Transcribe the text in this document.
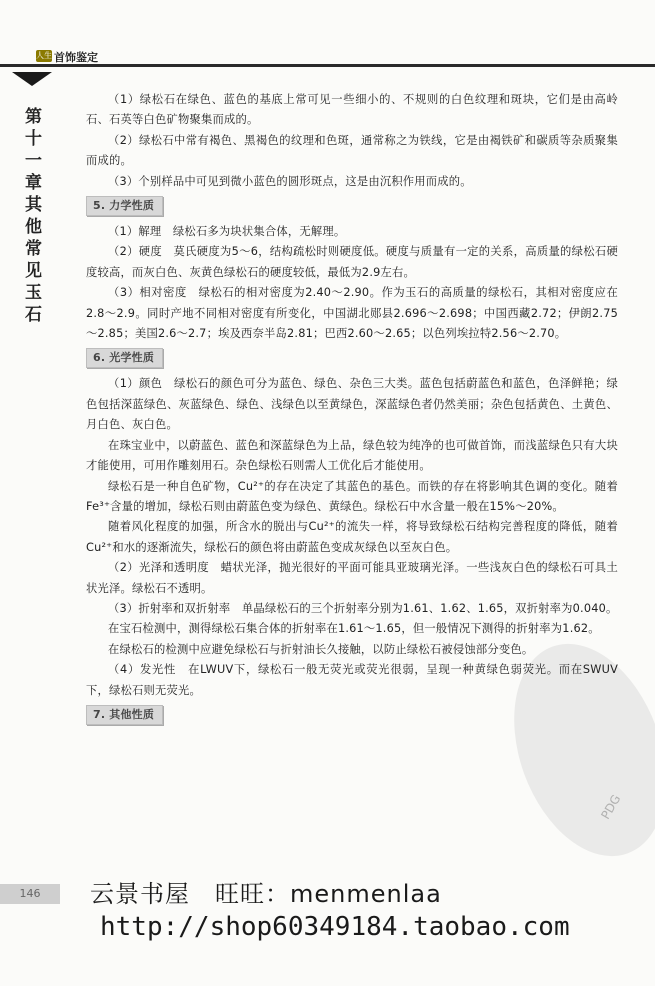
人生 首饰鉴定
第十一章 其他常见玉石
PDG

（1）绿松石在绿色、蓝色的基底上常可见一些细小的、不规则的白色纹理和斑块，它们是由高岭石、石英等白色矿物聚集而成的。

（2）绿松石中常有褐色、黑褐色的纹理和色斑，通常称之为铁线，它是由褐铁矿和碳质等杂质聚集而成的。

（3）个别样品中可见到微小蓝色的圆形斑点，这是由沉积作用而成的。

5. 力学性质

（1）解理　绿松石多为块状集合体，无解理。

（2）硬度　莫氏硬度为5～6，结构疏松时则硬度低。硬度与质量有一定的关系，高质量的绿松石硬度较高，而灰白色、灰黄色绿松石的硬度较低，最低为2.9左右。

（3）相对密度　绿松石的相对密度为2.40～2.90。作为玉石的高质量的绿松石，其相对密度应在2.8～2.9。同时产地不同相对密度有所变化，中国湖北郧县2.696～2.698；中国西藏2.72；伊朗2.75～2.85；美国2.6～2.7；埃及西奈半岛2.81；巴西2.60～2.65；以色列埃拉特2.56～2.70。

6. 光学性质

（1）颜色　绿松石的颜色可分为蓝色、绿色、杂色三大类。蓝色包括蔚蓝色和蓝色，色泽鲜艳；绿色包括深蓝绿色、灰蓝绿色、绿色、浅绿色以至黄绿色，深蓝绿色者仍然美丽；杂色包括黄色、土黄色、月白色、灰白色。

在珠宝业中，以蔚蓝色、蓝色和深蓝绿色为上品，绿色较为纯净的也可做首饰，而浅蓝绿色只有大块才能使用，可用作雕刻用石。杂色绿松石则需人工优化后才能使用。

绿松石是一种自色矿物，Cu²⁺的存在决定了其蓝色的基色。而铁的存在将影响其色调的变化。随着Fe³⁺含量的增加，绿松石则由蔚蓝色变为绿色、黄绿色。绿松石中水含量一般在15%～20%。

随着风化程度的加强，所含水的脱出与Cu²⁺的流失一样，将导致绿松石结构完善程度的降低，随着Cu²⁺和水的逐渐流失，绿松石的颜色将由蔚蓝色变成灰绿色以至灰白色。

（2）光泽和透明度　蜡状光泽，抛光很好的平面可能具亚玻璃光泽。一些浅灰白色的绿松石可具土状光泽。绿松石不透明。

（3）折射率和双折射率　单晶绿松石的三个折射率分别为1.61、1.62、1.65，双折射率为0.040。

在宝石检测中，测得绿松石集合体的折射率在1.61～1.65，但一般情况下测得的折射率为1.62。

在绿松石的检测中应避免绿松石与折射油长久接触，以防止绿松石被侵蚀部分变色。

（4）发光性　在LWUV下，绿松石一般无荧光或荧光很弱，呈现一种黄绿色弱荧光。而在SWUV下，绿松石则无荧光。

7. 其他性质
146	云景书屋　旺旺：menmenlaa
http://shop60349184.taobao.com
